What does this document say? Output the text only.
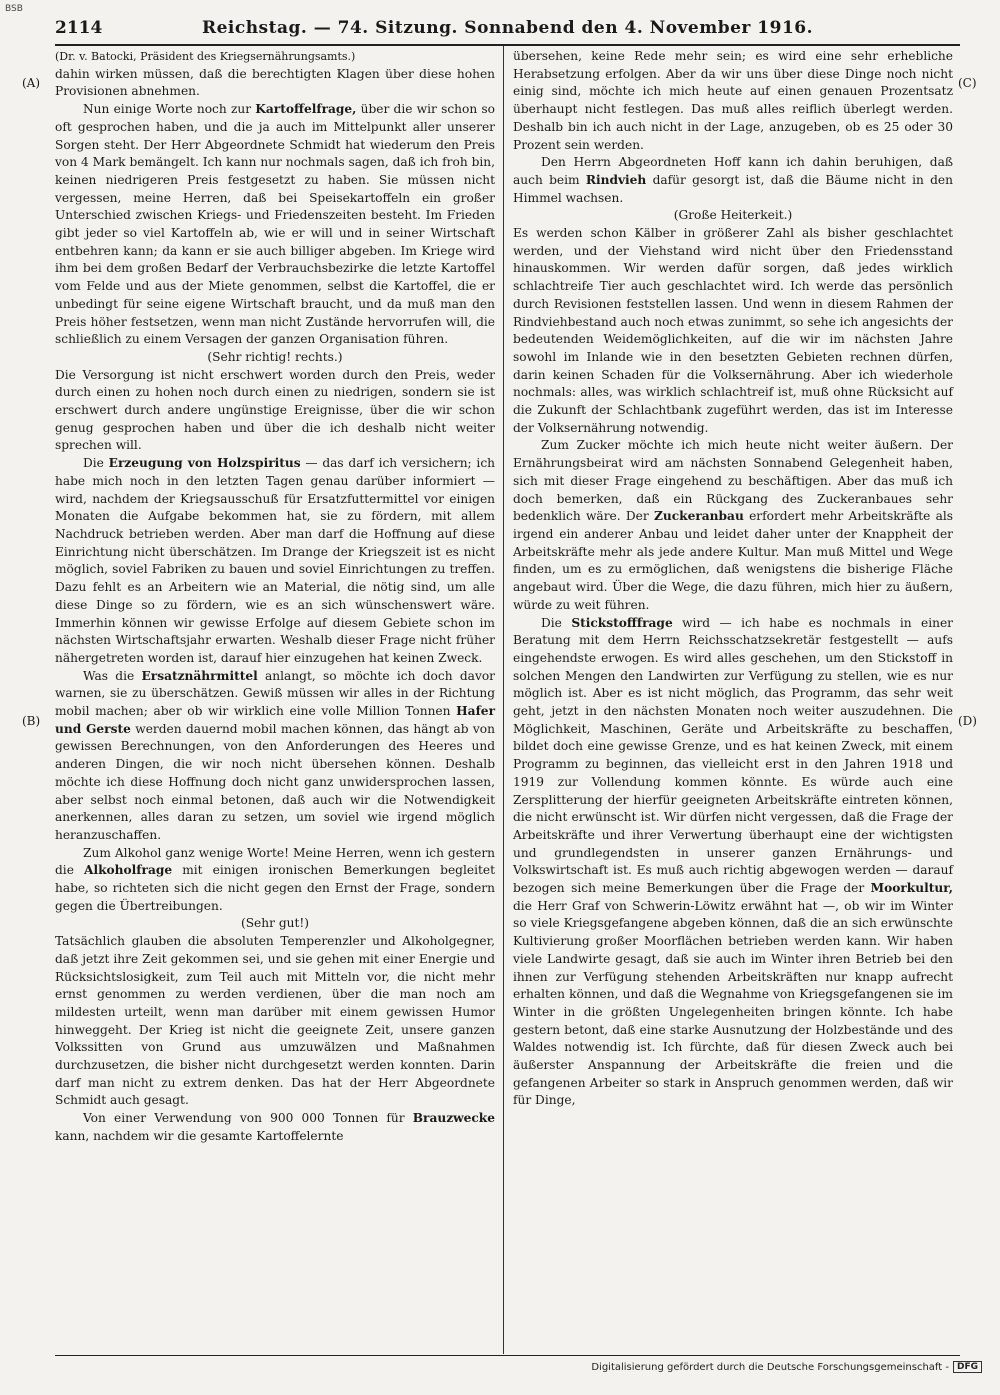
BSB
2114	Reichstag. — 74. Sitzung. Sonnabend den 4. November 1916.
(A)
(B)
(C)
(D)

(Dr. v. Batocki, Präsident des Kriegsernährungsamts.)

dahin wirken müssen, daß die berechtigten Klagen über diese hohen Provisionen abnehmen.

Nun einige Worte noch zur Kartoffelfrage, über die wir schon so oft gesprochen haben, und die ja auch im Mittelpunkt aller unserer Sorgen steht. Der Herr Abgeordnete Schmidt hat wiederum den Preis von 4 Mark bemängelt. Ich kann nur nochmals sagen, daß ich froh bin, keinen niedrigeren Preis festgesetzt zu haben. Sie müssen nicht vergessen, meine Herren, daß bei Speisekartoffeln ein großer Unterschied zwischen Kriegs- und Friedenszeiten besteht. Im Frieden gibt jeder so viel Kartoffeln ab, wie er will und in seiner Wirtschaft entbehren kann; da kann er sie auch billiger abgeben. Im Kriege wird ihm bei dem großen Bedarf der Verbrauchsbezirke die letzte Kartoffel vom Felde und aus der Miete genommen, selbst die Kartoffel, die er unbedingt für seine eigene Wirtschaft braucht, und da muß man den Preis höher festsetzen, wenn man nicht Zustände hervorrufen will, die schließlich zu einem Versagen der ganzen Organisation führen.

(Sehr richtig! rechts.)

Die Versorgung ist nicht erschwert worden durch den Preis, weder durch einen zu hohen noch durch einen zu niedrigen, sondern sie ist erschwert durch andere ungünstige Ereignisse, über die wir schon genug gesprochen haben und über die ich deshalb nicht weiter sprechen will.

Die Erzeugung von Holzspiritus — das darf ich versichern; ich habe mich noch in den letzten Tagen genau darüber informiert — wird, nachdem der Kriegsausschuß für Ersatzfuttermittel vor einigen Monaten die Aufgabe bekommen hat, sie zu fördern, mit allem Nachdruck betrieben werden. Aber man darf die Hoffnung auf diese Einrichtung nicht überschätzen. Im Drange der Kriegszeit ist es nicht möglich, soviel Fabriken zu bauen und soviel Einrichtungen zu treffen. Dazu fehlt es an Arbeitern wie an Material, die nötig sind, um alle diese Dinge so zu fördern, wie es an sich wünschenswert wäre. Immerhin können wir gewisse Erfolge auf diesem Gebiete schon im nächsten Wirtschaftsjahr erwarten. Weshalb dieser Frage nicht früher nähergetreten worden ist, darauf hier einzugehen hat keinen Zweck.

Was die Ersatznährmittel anlangt, so möchte ich doch davor warnen, sie zu überschätzen. Gewiß müssen wir alles in der Richtung mobil machen; aber ob wir wirklich eine volle Million Tonnen Hafer und Gerste werden dauernd mobil machen können, das hängt ab von gewissen Berechnungen, von den Anforderungen des Heeres und anderen Dingen, die wir noch nicht übersehen können. Deshalb möchte ich diese Hoffnung doch nicht ganz unwidersprochen lassen, aber selbst noch einmal betonen, daß auch wir die Notwendigkeit anerkennen, alles daran zu setzen, um soviel wie irgend möglich heranzuschaffen.

Zum Alkohol ganz wenige Worte! Meine Herren, wenn ich gestern die Alkoholfrage mit einigen ironischen Bemerkungen begleitet habe, so richteten sich die nicht gegen den Ernst der Frage, sondern gegen die Übertreibungen.

(Sehr gut!)

Tatsächlich glauben die absoluten Temperenzler und Alkoholgegner, daß jetzt ihre Zeit gekommen sei, und sie gehen mit einer Energie und Rücksichtslosigkeit, zum Teil auch mit Mitteln vor, die nicht mehr ernst genommen zu werden verdienen, über die man noch am mildesten urteilt, wenn man darüber mit einem gewissen Humor hinweggeht. Der Krieg ist nicht die geeignete Zeit, unsere ganzen Volkssitten von Grund aus umzuwälzen und Maßnahmen durchzusetzen, die bisher nicht durchgesetzt werden konnten. Darin darf man nicht zu extrem denken. Das hat der Herr Abgeordnete Schmidt auch gesagt.

Von einer Verwendung von 900 000 Tonnen für Brauzwecke kann, nachdem wir die gesamte Kartoffelernte

übersehen, keine Rede mehr sein; es wird eine sehr erhebliche Herabsetzung erfolgen. Aber da wir uns über diese Dinge noch nicht einig sind, möchte ich mich heute auf einen genauen Prozentsatz überhaupt nicht festlegen. Das muß alles reiflich überlegt werden. Deshalb bin ich auch nicht in der Lage, anzugeben, ob es 25 oder 30 Prozent sein werden.

Den Herrn Abgeordneten Hoff kann ich dahin beruhigen, daß auch beim Rindvieh dafür gesorgt ist, daß die Bäume nicht in den Himmel wachsen.

(Große Heiterkeit.)

Es werden schon Kälber in größerer Zahl als bisher geschlachtet werden, und der Viehstand wird nicht über den Friedensstand hinauskommen. Wir werden dafür sorgen, daß jedes wirklich schlachtreife Tier auch geschlachtet wird. Ich werde das persönlich durch Revisionen feststellen lassen. Und wenn in diesem Rahmen der Rindviehbestand auch noch etwas zunimmt, so sehe ich angesichts der bedeutenden Weidemöglichkeiten, auf die wir im nächsten Jahre sowohl im Inlande wie in den besetzten Gebieten rechnen dürfen, darin keinen Schaden für die Volksernährung. Aber ich wiederhole nochmals: alles, was wirklich schlachtreif ist, muß ohne Rücksicht auf die Zukunft der Schlachtbank zugeführt werden, das ist im Interesse der Volksernährung notwendig.

Zum Zucker möchte ich mich heute nicht weiter äußern. Der Ernährungsbeirat wird am nächsten Sonnabend Gelegenheit haben, sich mit dieser Frage eingehend zu beschäftigen. Aber das muß ich doch bemerken, daß ein Rückgang des Zuckeranbaues sehr bedenklich wäre. Der Zuckeranbau erfordert mehr Arbeitskräfte als irgend ein anderer Anbau und leidet daher unter der Knappheit der Arbeitskräfte mehr als jede andere Kultur. Man muß Mittel und Wege finden, um es zu ermöglichen, daß wenigstens die bisherige Fläche angebaut wird. Über die Wege, die dazu führen, mich hier zu äußern, würde zu weit führen.

Die Stickstofffrage wird — ich habe es nochmals in einer Beratung mit dem Herrn Reichsschatzsekretär festgestellt — aufs eingehendste erwogen. Es wird alles geschehen, um den Stickstoff in solchen Mengen den Landwirten zur Verfügung zu stellen, wie es nur möglich ist. Aber es ist nicht möglich, das Programm, das sehr weit geht, jetzt in den nächsten Monaten noch weiter auszudehnen. Die Möglichkeit, Maschinen, Geräte und Arbeitskräfte zu beschaffen, bildet doch eine gewisse Grenze, und es hat keinen Zweck, mit einem Programm zu beginnen, das vielleicht erst in den Jahren 1918 und 1919 zur Vollendung kommen könnte. Es würde auch eine Zersplitterung der hierfür geeigneten Arbeitskräfte eintreten können, die nicht erwünscht ist. Wir dürfen nicht vergessen, daß die Frage der Arbeitskräfte und ihrer Verwertung überhaupt eine der wichtigsten und grundlegendsten in unserer ganzen Ernährungs- und Volkswirtschaft ist. Es muß auch richtig abgewogen werden — darauf bezogen sich meine Bemerkungen über die Frage der Moorkultur, die Herr Graf von Schwerin-Löwitz erwähnt hat —, ob wir im Winter so viele Kriegsgefangene abgeben können, daß die an sich erwünschte Kultivierung großer Moorflächen betrieben werden kann. Wir haben viele Landwirte gesagt, daß sie auch im Winter ihren Betrieb bei den ihnen zur Verfügung stehenden Arbeitskräften nur knapp aufrecht erhalten können, und daß die Wegnahme von Kriegsgefangenen sie im Winter in die größten Ungelegenheiten bringen könnte. Ich habe gestern betont, daß eine starke Ausnutzung der Holzbestände und des Waldes notwendig ist. Ich fürchte, daß für diesen Zweck auch bei äußerster Anspannung der Arbeitskräfte die freien und die gefangenen Arbeiter so stark in Anspruch genommen werden, daß wir für Dinge,

Digitalisierung gefördert durch die Deutsche Forschungsgemeinschaft - DFG
